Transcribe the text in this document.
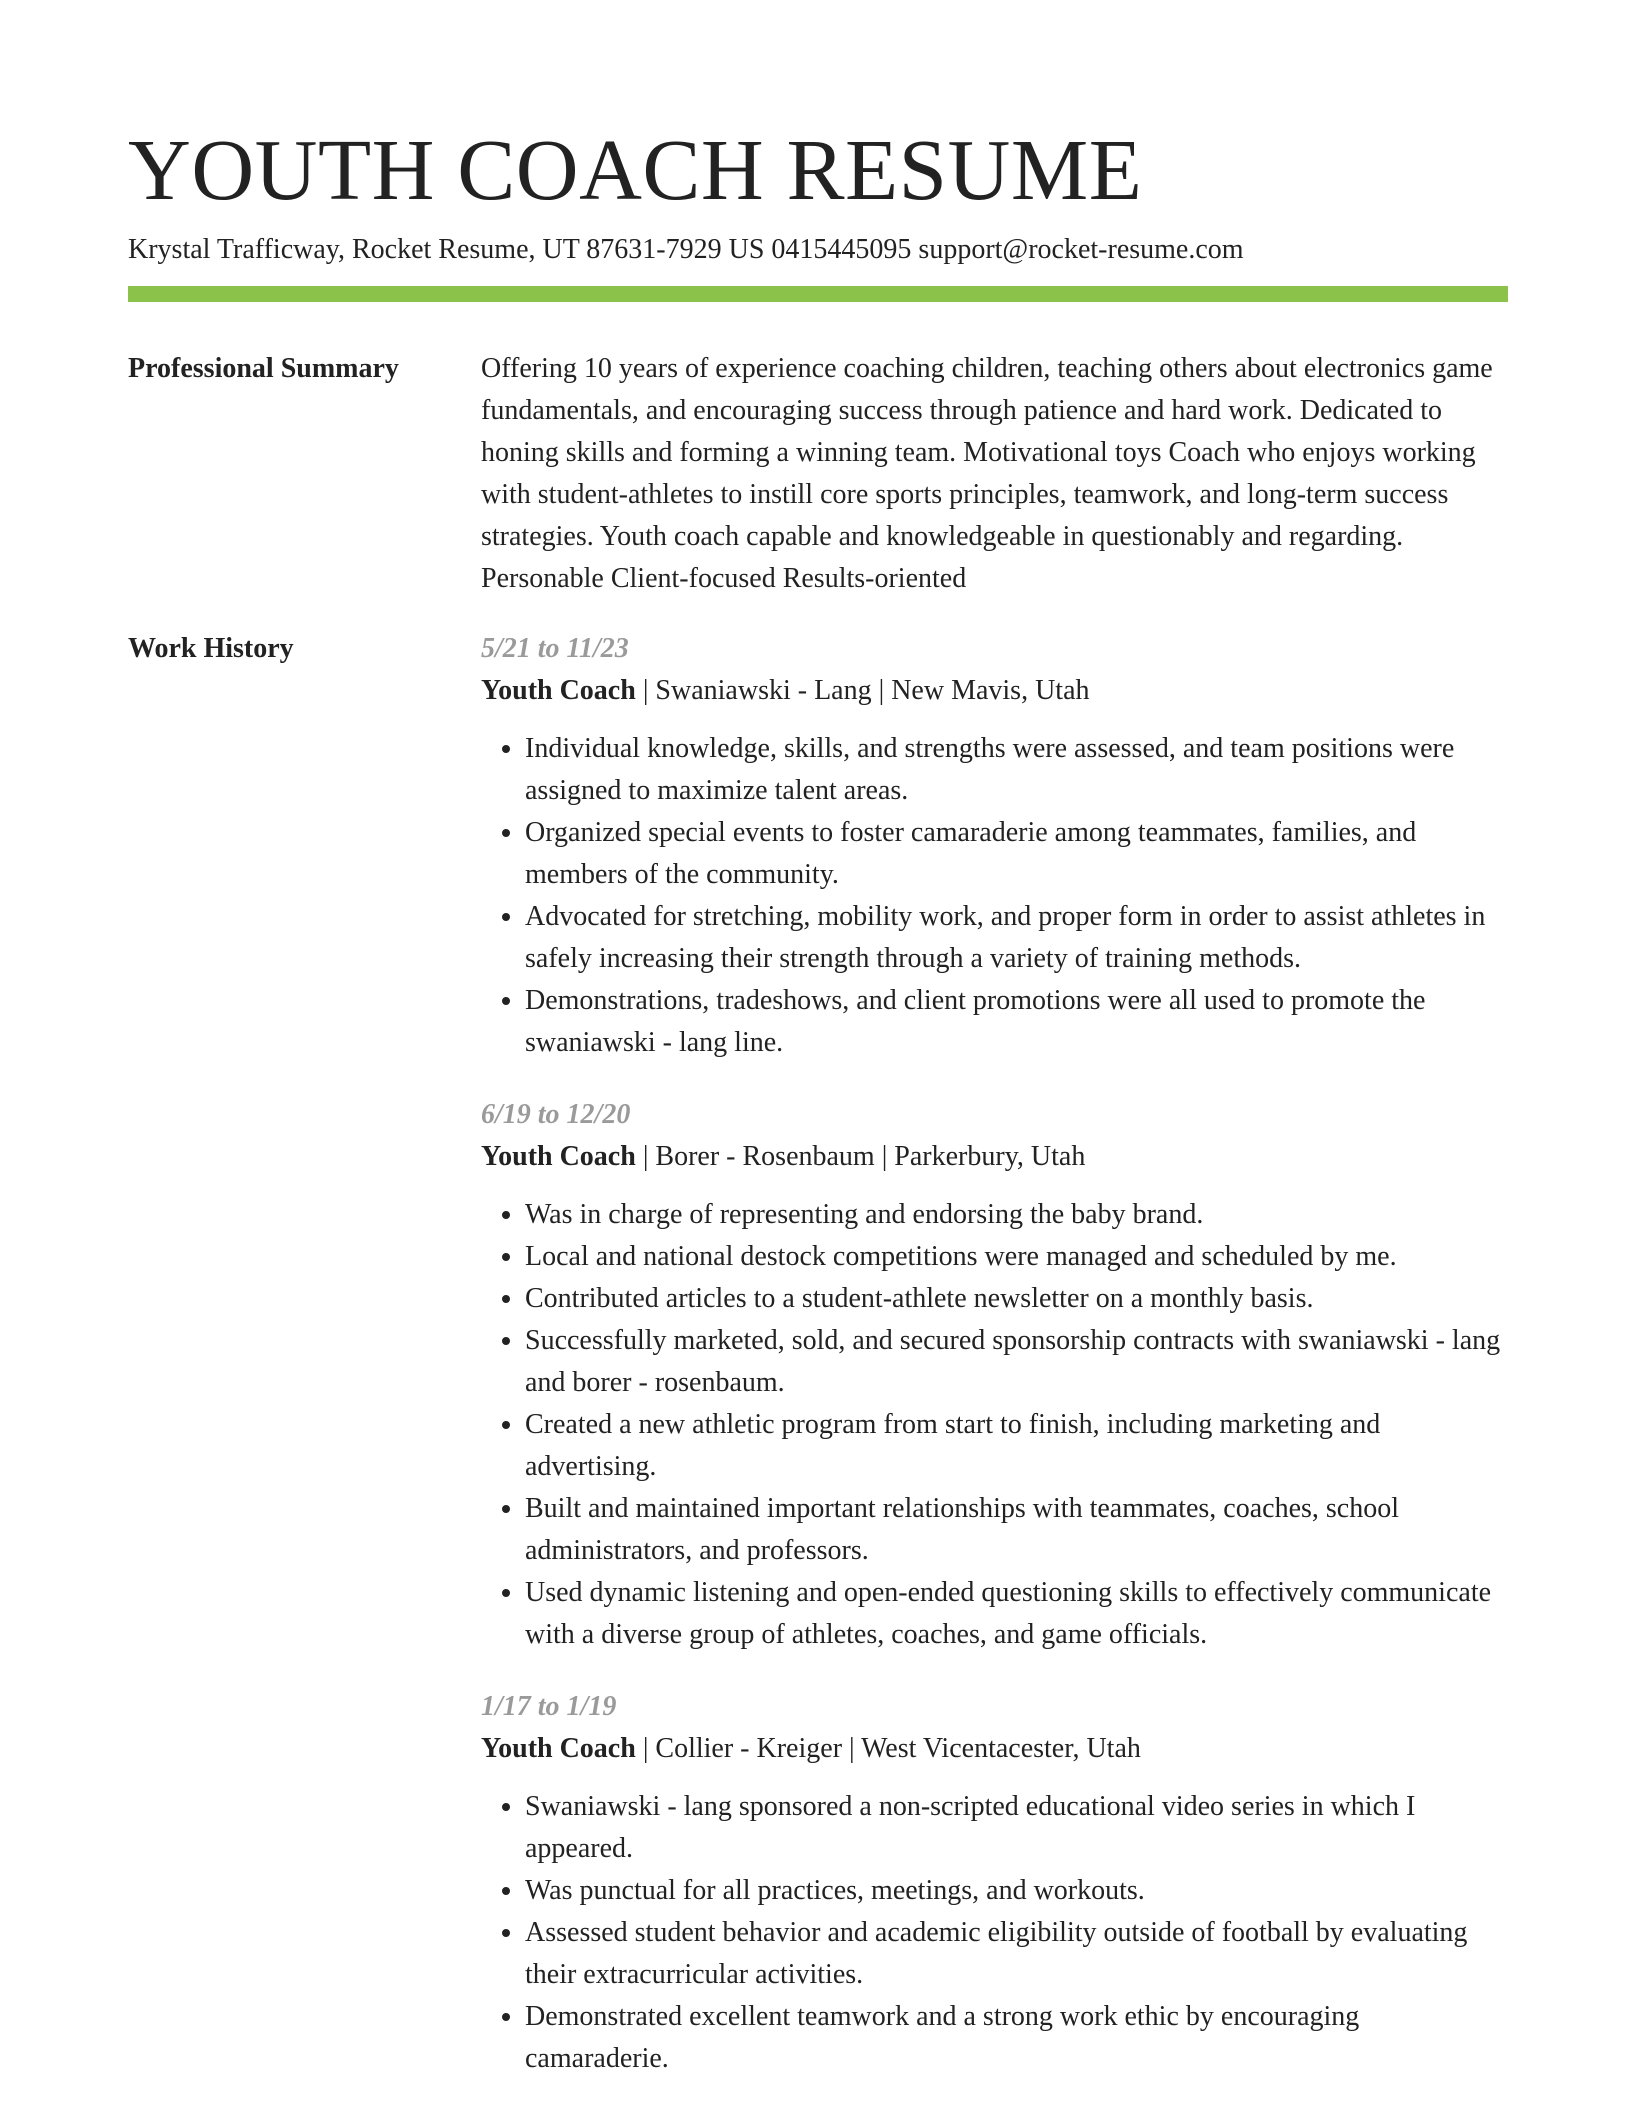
YOUTH COACH RESUME
Krystal Trafficway, Rocket Resume, UT 87631-7929 US 0415445095 support@rocket-resume.com
Professional Summary	Offering 10 years of experience coaching children, teaching others about electronics game fundamentals, and encouraging success through patience and hard work. Dedicated to honing skills and forming a winning team. Motivational toys Coach who enjoys working with student-athletes to instill core sports principles, teamwork, and long-term success strategies. Youth coach capable and knowledgeable in questionably and regarding. Personable Client-focused Results-oriented

Work History	5/21 to 11/23
Youth Coach | Swaniawski - Lang | New Mavis, Utah
• Individual knowledge, skills, and strengths were assessed, and team positions were assigned to maximize talent areas.
• Organized special events to foster camaraderie among teammates, families, and members of the community.
• Advocated for stretching, mobility work, and proper form in order to assist athletes in safely increasing their strength through a variety of training methods.
• Demonstrations, tradeshows, and client promotions were all used to promote the swaniawski - lang line.
6/19 to 12/20
Youth Coach | Borer - Rosenbaum | Parkerbury, Utah
• Was in charge of representing and endorsing the baby brand.
• Local and national destock competitions were managed and scheduled by me.
• Contributed articles to a student-athlete newsletter on a monthly basis.
• Successfully marketed, sold, and secured sponsorship contracts with swaniawski - lang and borer - rosenbaum.
• Created a new athletic program from start to finish, including marketing and advertising.
• Built and maintained important relationships with teammates, coaches, school administrators, and professors.
• Used dynamic listening and open-ended questioning skills to effectively communicate with a diverse group of athletes, coaches, and game officials.
1/17 to 1/19
Youth Coach | Collier - Kreiger | West Vicentacester, Utah
• Swaniawski - lang sponsored a non-scripted educational video series in which I appeared.
• Was punctual for all practices, meetings, and workouts.
• Assessed student behavior and academic eligibility outside of football by evaluating their extracurricular activities.
• Demonstrated excellent teamwork and a strong work ethic by encouraging camaraderie.
